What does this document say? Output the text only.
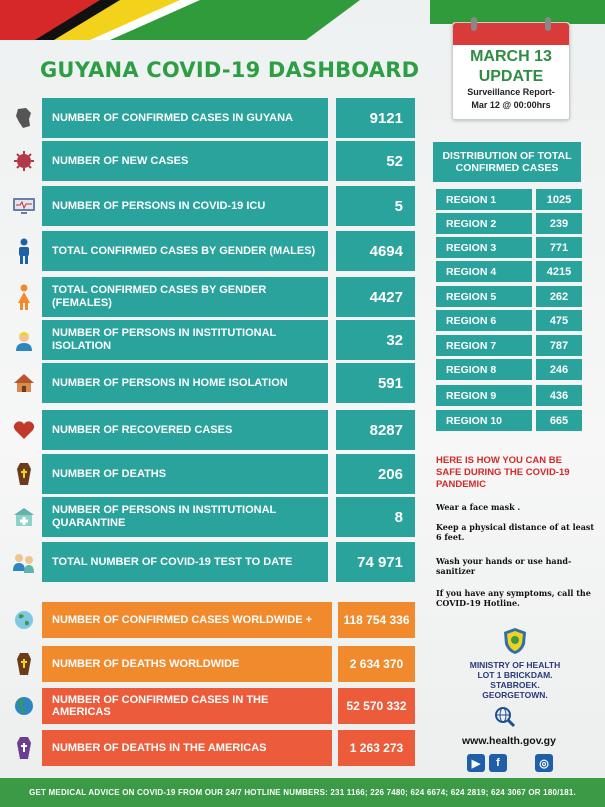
MARCH 13
UPDATE
Surveillance Report-
Mar 12 @ 00:00hrs
GUYANA COVID-19 DASHBOARD
NUMBER OF CONFIRMED CASES IN GUYANA	9121
NUMBER OF NEW CASES	52
NUMBER OF PERSONS IN COVID-19 ICU	5
TOTAL CONFIRMED CASES BY GENDER (MALES)	4694
TOTAL CONFIRMED CASES BY GENDER (FEMALES)	4427
NUMBER OF PERSONS IN INSTITUTIONAL ISOLATION	32
NUMBER OF PERSONS IN HOME ISOLATION	591
NUMBER OF RECOVERED CASES	8287
NUMBER OF DEATHS	206
NUMBER OF PERSONS IN INSTITUTIONAL QUARANTINE	8
TOTAL NUMBER OF COVID-19 TEST TO DATE	74 971
NUMBER OF CONFIRMED CASES WORLDWIDE +	118 754 336
NUMBER OF DEATHS WORLDWIDE	2 634 370
NUMBER OF CONFIRMED CASES IN THE AMERICAS	52 570 332
NUMBER OF DEATHS IN THE AMERICAS	1 263 273
DISTRIBUTION OF TOTAL CONFIRMED CASES
REGION 1	1025
REGION 2	239
REGION 3	771
REGION 4	4215
REGION 5	262
REGION 6	475
REGION 7	787
REGION 8	246
REGION 9	436
REGION 10	665
HERE IS HOW YOU CAN BE SAFE DURING THE COVID-19 PANDEMIC
Wear a face mask .
Keep a physical distance of at least 6 feet.
Wash your hands or use hand-sanitizer
If you have any symptoms, call the COVID-19 Hotline.
MINISTRY OF HEALTH
LOT 1 BRICKDAM.
STABROEK.
GEORGETOWN.
www.health.gov.gy
▶	f	◎
GET MEDICAL ADVICE ON COVID-19 FROM OUR 24/7 HOTLINE NUMBERS: 231 1166; 226 7480; 624 6674; 624 2819; 624 3067 OR 180/181.
